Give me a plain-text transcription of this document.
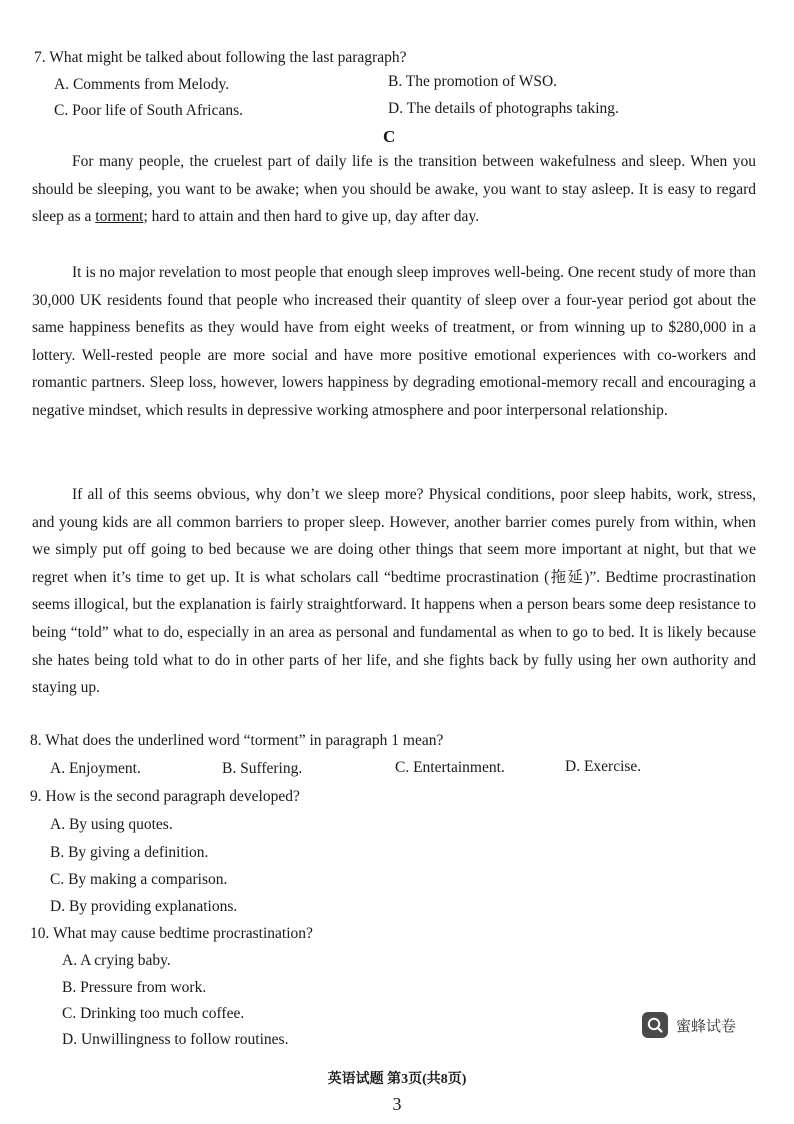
7. What might be talked about following the last paragraph?
A. Comments from Melody.	B. The promotion of WSO.
C. Poor life of South Africans.	D. The details of photographs taking.
C

For many people, the cruelest part of daily life is the transition between wakefulness and sleep. When you should be sleeping, you want to be awake; when you should be awake, you want to stay asleep. It is easy to regard sleep as a torment; hard to attain and then hard to give up, day after day.

It is no major revelation to most people that enough sleep improves well-being. One recent study of more than 30,000 UK residents found that people who increased their quantity of sleep over a four-year period got about the same happiness benefits as they would have from eight weeks of treatment, or from winning up to $280,000 in a lottery. Well-rested people are more social and have more positive emotional experiences with co-workers and romantic partners. Sleep loss, however, lowers happiness by degrading emotional-memory recall and encouraging a negative mindset, which results in depressive working atmosphere and poor interpersonal relationship.

If all of this seems obvious, why don’t we sleep more? Physical conditions, poor sleep habits, work, stress, and young kids are all common barriers to proper sleep. However, another barrier comes purely from within, when we simply put off going to bed because we are doing other things that seem more important at night, but that we regret when it’s time to get up. It is what scholars call “bedtime procrastination (拖延)”. Bedtime procrastination seems illogical, but the explanation is fairly straightforward. It happens when a person bears some deep resistance to being “told” what to do, especially in an area as personal and fundamental as when to go to bed. It is likely because she hates being told what to do in other parts of her life, and she fights back by fully using her own authority and staying up.

8. What does the underlined word “torment” in paragraph 1 mean?
A. Enjoyment.	B. Suffering.	C. Entertainment.	D. Exercise.
9. How is the second paragraph developed?
A. By using quotes.
B. By giving a definition.
C. By making a comparison.
D. By providing explanations.
10. What may cause bedtime procrastination?
A. A crying baby.
B. Pressure from work.
C. Drinking too much coffee.
D. Unwillingness to follow routines.
蜜蜂试卷
英语试题 第3页(共8页)
3
